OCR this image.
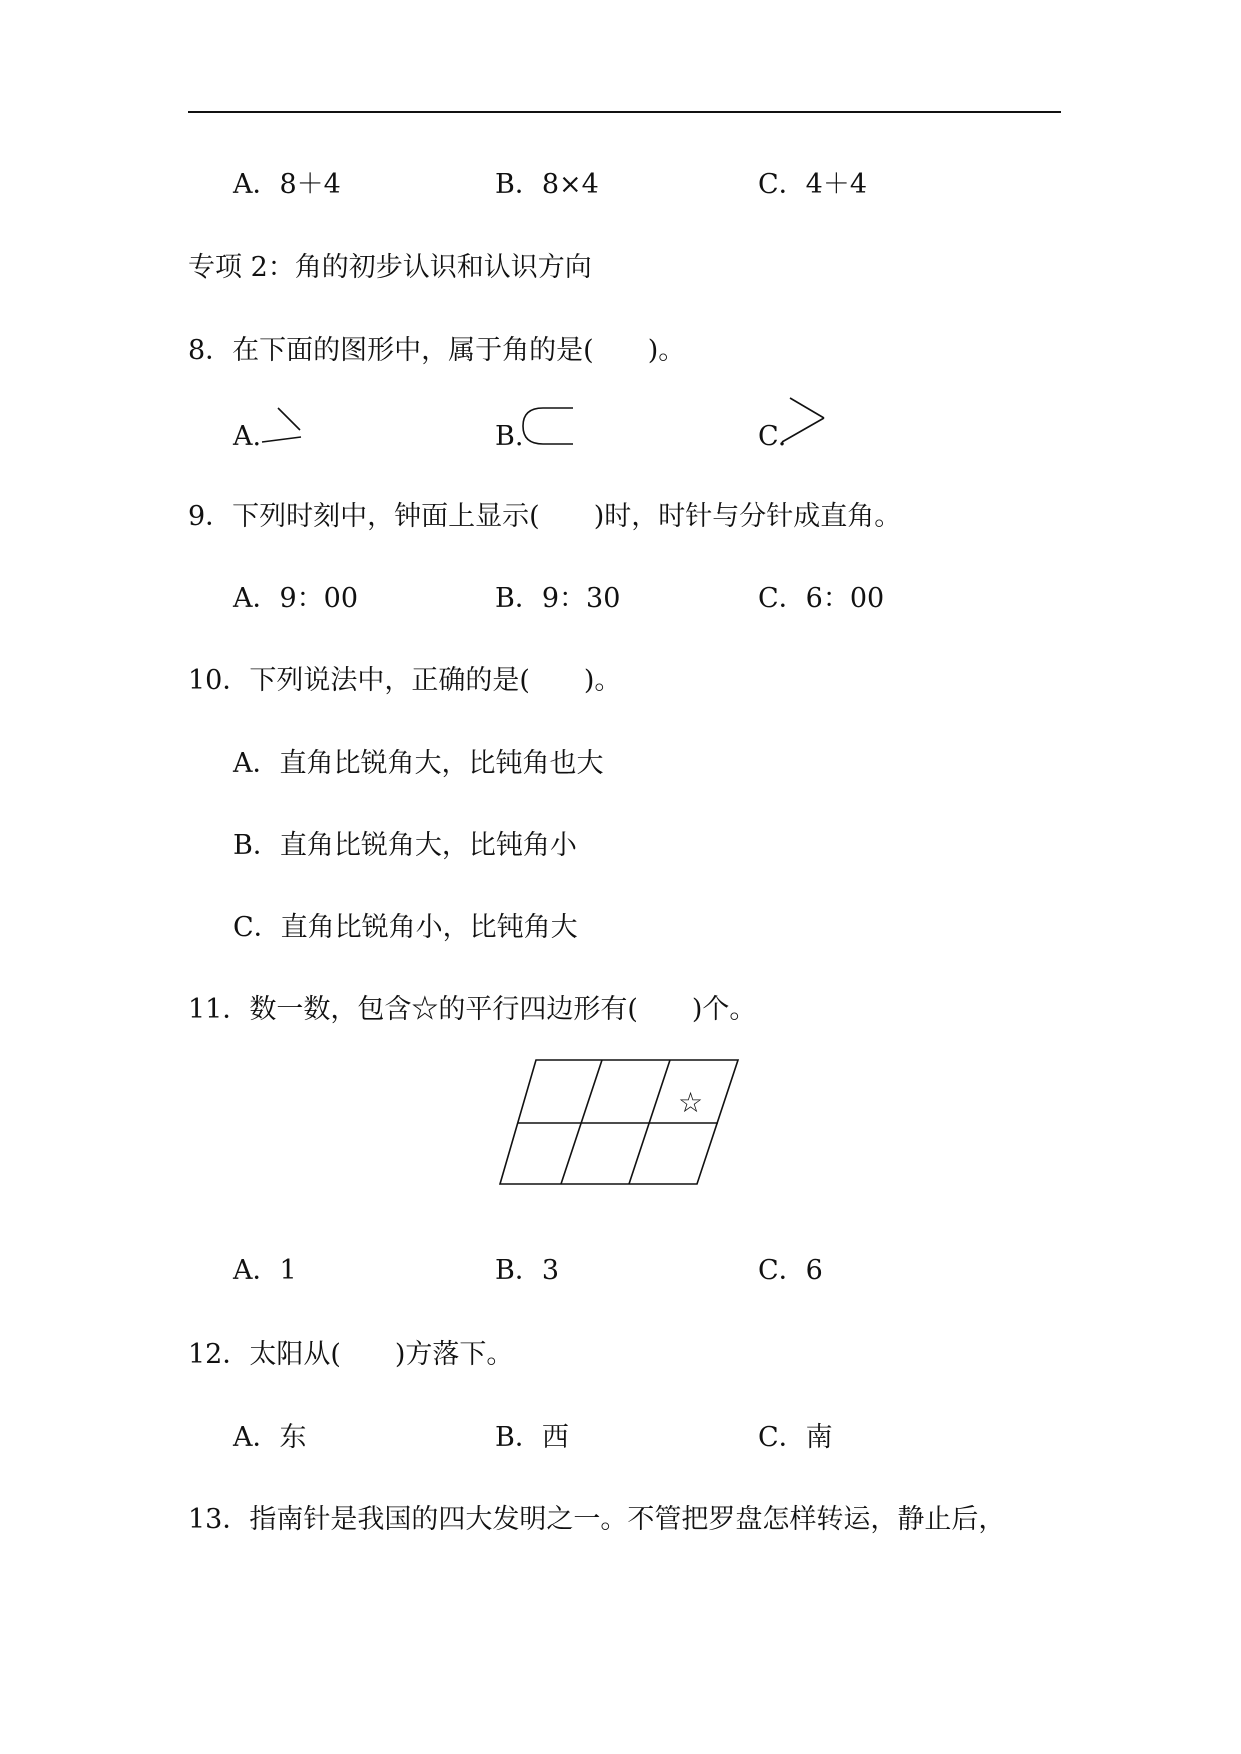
A．8＋4	B．8×4	C．4＋4
专项 2：角的初步认识和认识方向
8．在下面的图形中，属于角的是(　　)。
A.	B.	C.
9．下列时刻中，钟面上显示(　　)时，时针与分针成直角。
A．9：00	B．9：30	C．6：00
10．下列说法中，正确的是(　　)。
A．直角比锐角大，比钝角也大
B．直角比锐角大，比钝角小
C．直角比锐角小，比钝角大
11．数一数，包含☆的平行四边形有(　　)个。
☆
A．1	B．3	C．6
12．太阳从(　　)方落下。
A．东	B．西	C．南
13．指南针是我国的四大发明之一。不管把罗盘怎样转运，静止后，
